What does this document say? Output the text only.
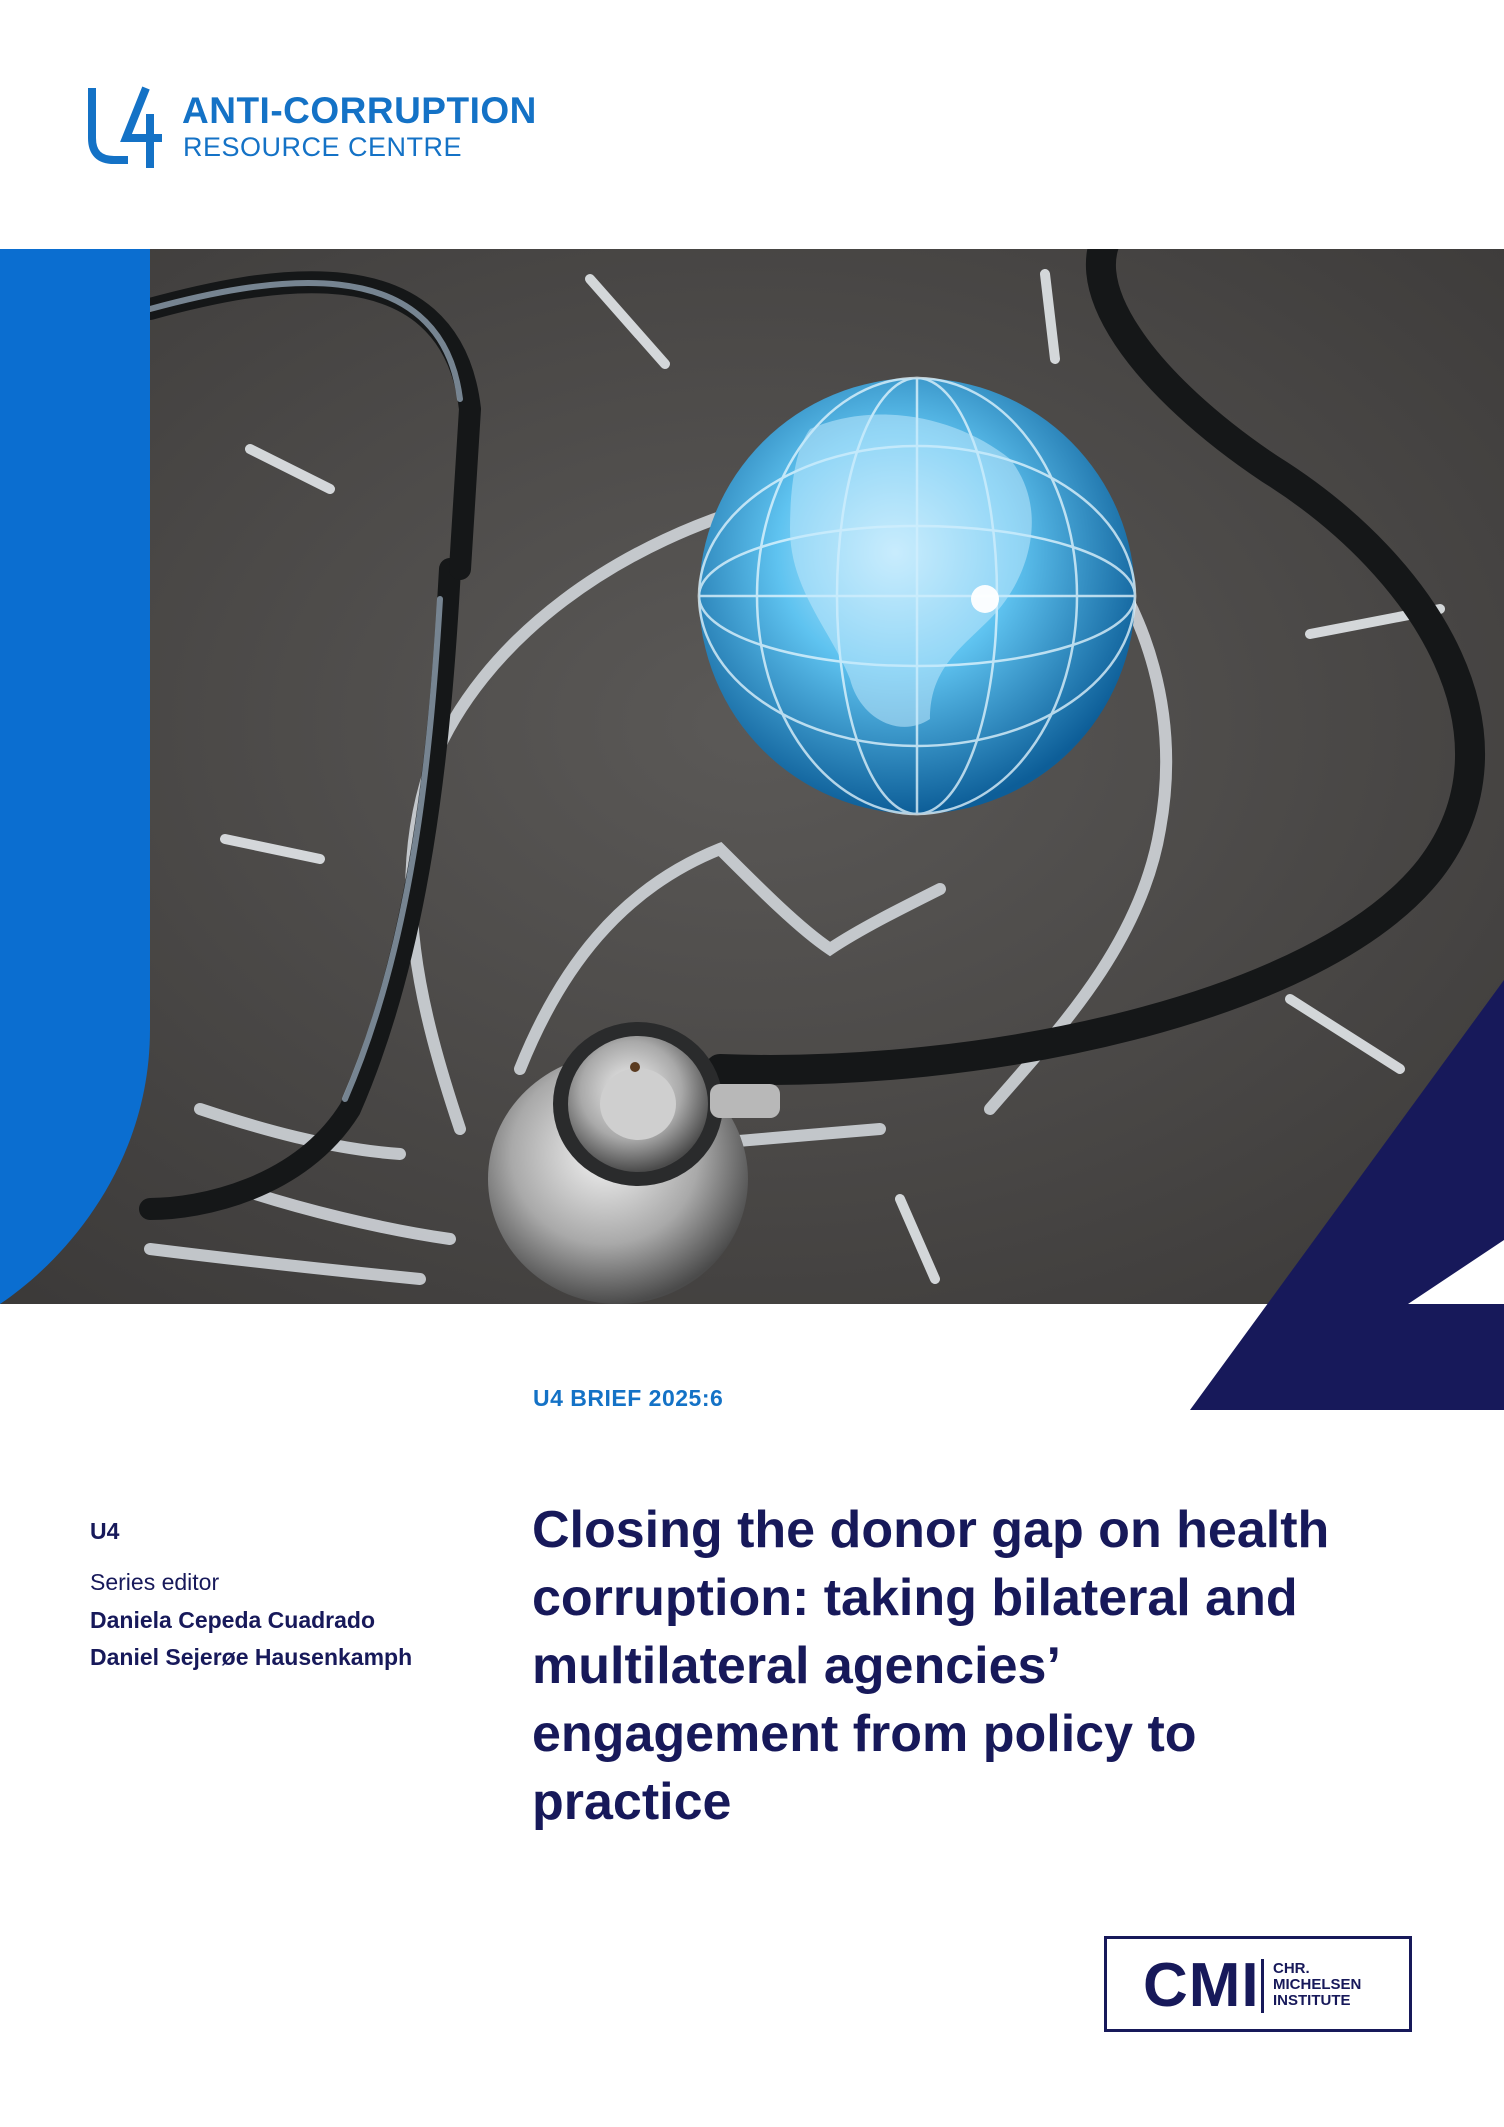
ANTI-CORRUPTION
RESOURCE CENTRE
U4 BRIEF 2025:6
U4
Series editor
Daniela Cepeda Cuadrado
Daniel Sejerøe Hausenkamph
Closing the donor gap on health
corruption: taking bilateral and
multilateral agencies’
engagement from policy to
practice
CMI CHR.
MICHELSEN
INSTITUTE
